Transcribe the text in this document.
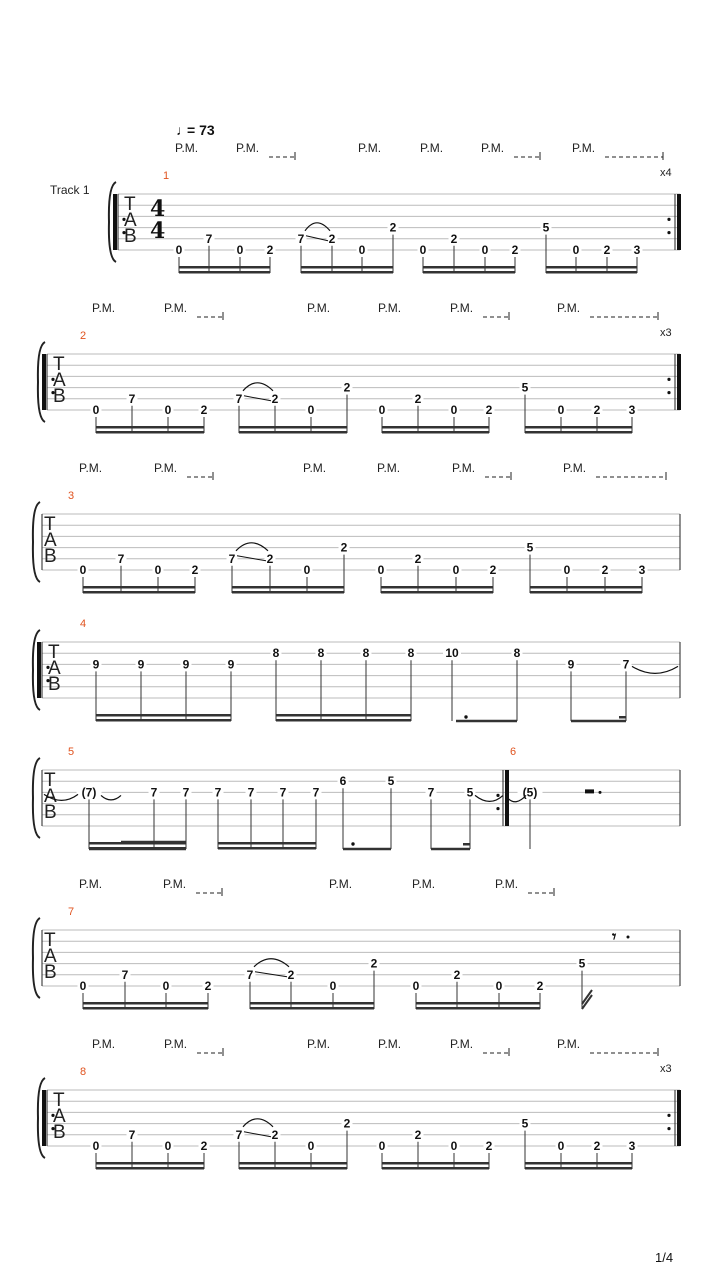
♩
= 73
Track 1
x4
T
A
B
4
4
1
P.M.	P.M.	P.M.	P.M.	P.M.	P.M.
0
7
0 2
7 2
0
2
0
2
0 2
5
0 2 3
x3
T
A
B
2
P.M.	P.M.	P.M.	P.M.	P.M.	P.M.
0
7
0 2
7 2
0
2
0
2
0 2
5
0 2 3
T
A
B
3
P.M.	P.M.	P.M.	P.M.	P.M.	P.M.
0
7
0	2
7	2
0
2
0
2
0	2
5
0	2	3
T
A
B
4
9	9	9	9
8	8	8	8	10	8
9	7
T
A
B
5
(7)	7 7 7 7 7 7
6	5
7	5	(5)
6
T
A
B
7
P.M.	P.M.	P.M.	P.M.	P.M.
0
7
0	2
7	2
0
2
0
2
0	2
5
𝄾
x3
T
A
B
8
P.M.	P.M.	P.M.	P.M.	P.M.	P.M.
0
7
0 2
7 2
0
2
0
2
0 2
5
0 2 3
1/4
